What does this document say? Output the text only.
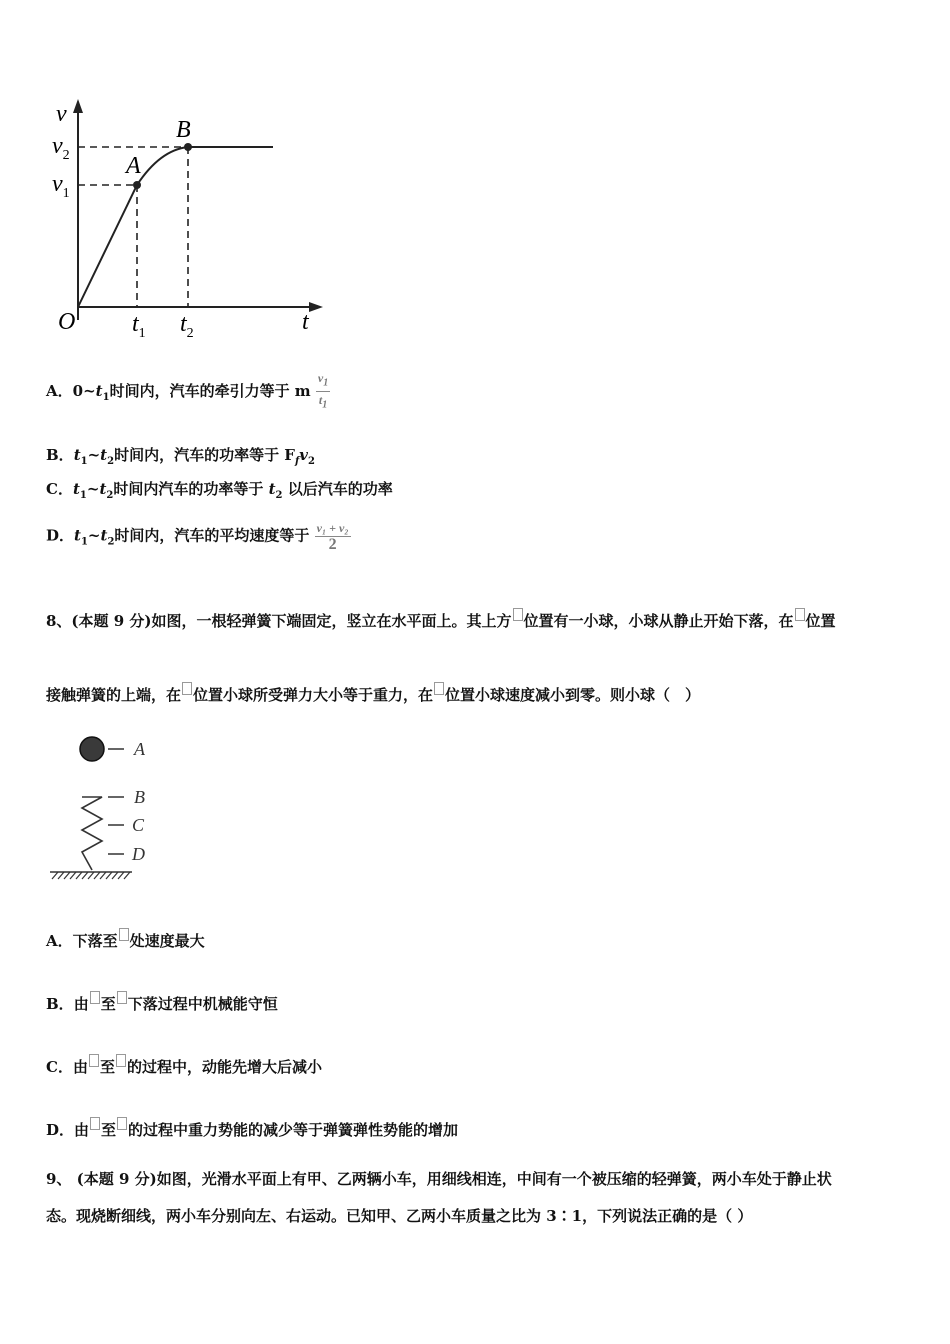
v
$v_2$
$v_1$
A
B
O $t_1$ $t_2$	t
A．$0\sim t_1$时间内，汽车的牵引力等于 m $\frac{v_1}{t_1}$
B．$t_1\sim t_2$时间内，汽车的功率等于 $F_fv_2$
C．$t_1\sim t_2$时间内汽车的功率等于 $t_2$ 以后汽车的功率
D．$t_1\sim t_2$时间内，汽车的平均速度等于 $\frac{\text{v₁ + v₂}}{2}$
8、(本题 9 分)如图，一根轻弹簧下端固定，竖立在水平面上。其上方 位置有一小球，小球从静止开始下落，在 位置
接触弹簧的上端，在 位置小球所受弹力大小等于重力，在 位置小球速度减小到零。则小球（　）
A
B
C
D
A．下落至 处速度最大
B．由 至 下落过程中机械能守恒
C．由 至 的过程中，动能先增大后减小
D．由 至 的过程中重力势能的减少等于弹簧弹性势能的增加
9、 (本题 9 分)如图，光滑水平面上有甲、乙两辆小车，用细线相连，中间有一个被压缩的轻弹簧，两小车处于静止状
态。现烧断细线，两小车分别向左、右运动。已知甲、乙两小车质量之比为 3∶1，下列说法正确的是（ ）
